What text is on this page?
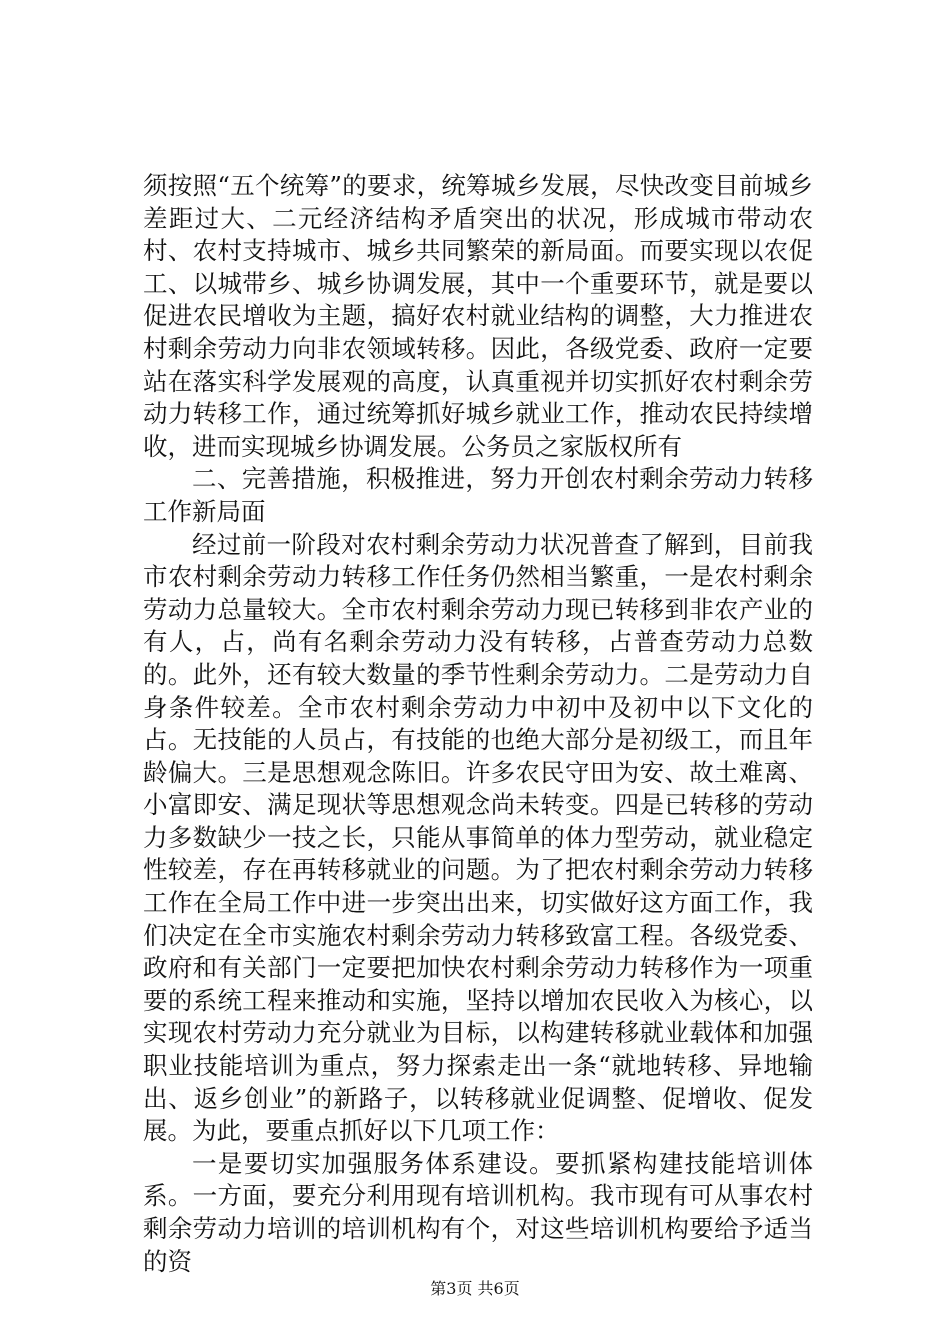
须按照“五个统筹”的要求，统筹城乡发展，尽快改变目前城乡差距过大、二元经济结构矛盾突出的状况，形成城市带动农村、农村支持城市、城乡共同繁荣的新局面。而要实现以农促工、以城带乡、城乡协调发展，其中一个重要环节，就是要以促进农民增收为主题，搞好农村就业结构的调整，大力推进农村剩余劳动力向非农领域转移。因此，各级党委、政府一定要站在落实科学发展观的高度，认真重视并切实抓好农村剩余劳动力转移工作，通过统筹抓好城乡就业工作，推动农民持续增收，进而实现城乡协调发展。公务员之家版权所有

二、完善措施，积极推进，努力开创农村剩余劳动力转移工作新局面

经过前一阶段对农村剩余劳动力状况普查了解到，目前我市农村剩余劳动力转移工作任务仍然相当繁重，一是农村剩余劳动力总量较大。全市农村剩余劳动力现已转移到非农产业的有人，占，尚有名剩余劳动力没有转移，占普查劳动力总数的。此外，还有较大数量的季节性剩余劳动力。二是劳动力自身条件较差。全市农村剩余劳动力中初中及初中以下文化的占。无技能的人员占，有技能的也绝大部分是初级工，而且年龄偏大。三是思想观念陈旧。许多农民守田为安、故土难离、小富即安、满足现状等思想观念尚未转变。四是已转移的劳动力多数缺少一技之长，只能从事简单的体力型劳动，就业稳定性较差，存在再转移就业的问题。为了把农村剩余劳动力转移工作在全局工作中进一步突出出来，切实做好这方面工作，我们决定在全市实施农村剩余劳动力转移致富工程。各级党委、政府和有关部门一定要把加快农村剩余劳动力转移作为一项重要的系统工程来推动和实施，坚持以增加农民收入为核心，以实现农村劳动力充分就业为目标，以构建转移就业载体和加强职业技能培训为重点，努力探索走出一条“就地转移、异地输出、返乡创业”的新路子，以转移就业促调整、促增收、促发展。为此，要重点抓好以下几项工作：

一是要切实加强服务体系建设。要抓紧构建技能培训体系。一方面，要充分利用现有培训机构。我市现有可从事农村剩余劳动力培训的培训机构有个，对这些培训机构要给予适当的资

第3页 共6页
